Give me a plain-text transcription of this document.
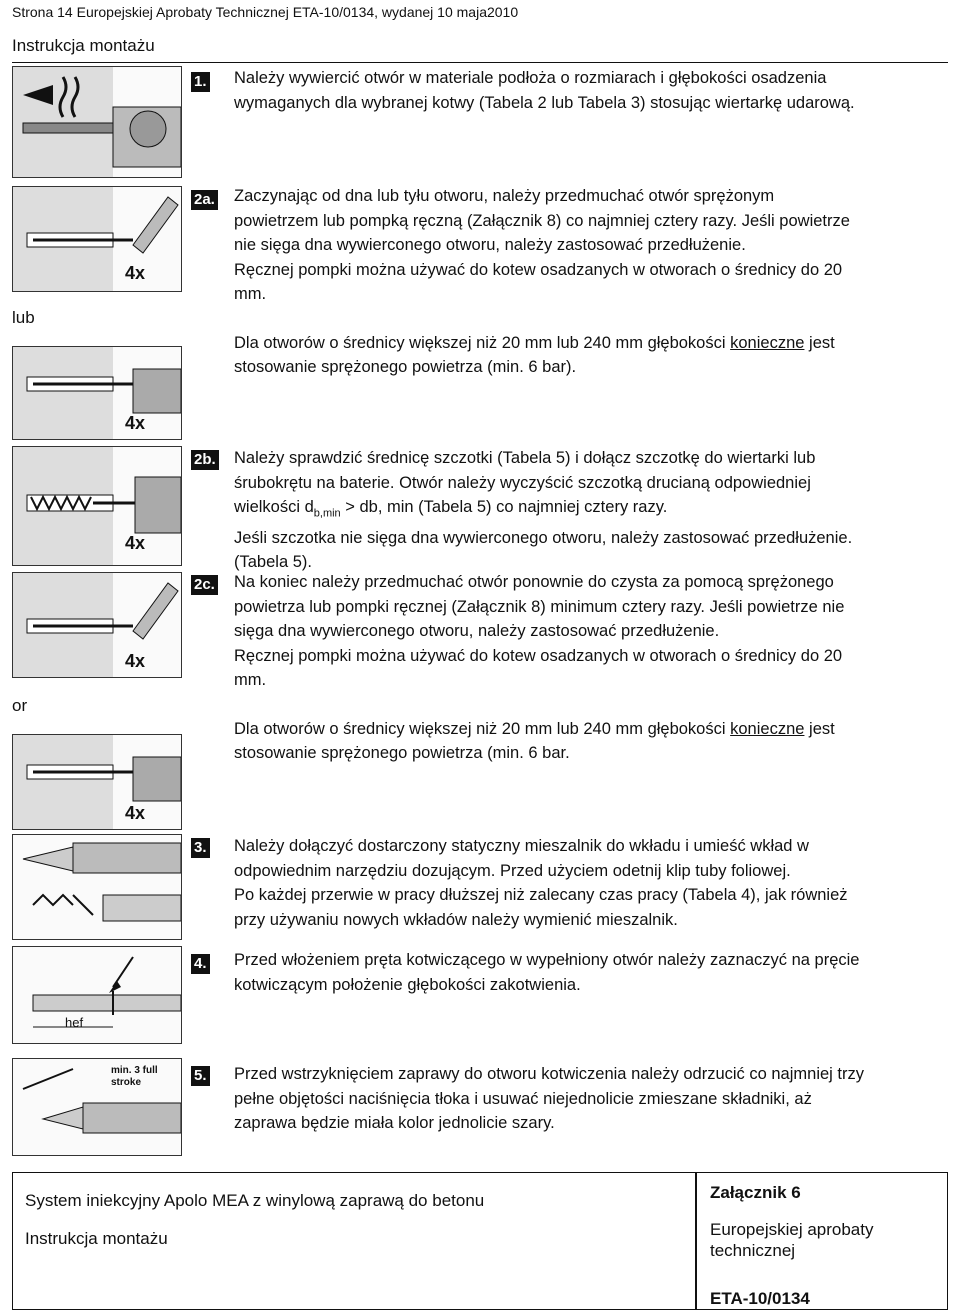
Strona 14 Europejskiej Aprobaty Technicznej ETA-10/0134, wydanej 10 maja2010
Instrukcja montażu
4x
4x
lub
1. Należy wywiercić otwór w materiale podłoża o rozmiarach i głębokości osadzenia

wymaganych dla wybranej kotwy (Tabela 2 lub Tabela 3) stosując wiertarkę udarową.

2a. Zaczynając od dna lub tyłu otworu, należy przedmuchać otwór sprężonym

powietrzem lub pompką ręczną (Załącznik 8) co najmniej cztery razy. Jeśli powietrze

nie sięga dna wywierconego otworu, należy zastosować przedłużenie.

Ręcznej pompki można używać do kotew osadzanych w otworach o średnicy do 20

mm.

Dla otworów o średnicy większej niż 20 mm lub 240 mm głębokości konieczne jest

stosowanie sprężonego powietrza (min. 6 bar).

4x
4x
4x
or
2b. Należy sprawdzić średnicę szczotki (Tabela 5) i dołącz szczotkę do wiertarki lub

śrubokrętu na baterie. Otwór należy wyczyścić szczotką drucianą odpowiedniej

wielkości $d_{b,min}$ > db, min (Tabela 5) co najmniej cztery razy.

Jeśli szczotka nie sięga dna wywierconego otworu, należy zastosować przedłużenie.

(Tabela 5).

2c. Na koniec należy przedmuchać otwór ponownie do czysta za pomocą sprężonego

powietrza lub pompki ręcznej (Załącznik 8) minimum cztery razy. Jeśli powietrze nie

sięga dna wywierconego otworu, należy zastosować przedłużenie.

Ręcznej pompki można używać do kotew osadzanych w otworach o średnicy do 20

mm.

Dla otworów o średnicy większej niż 20 mm lub 240 mm głębokości konieczne jest

stosowanie sprężonego powietrza (min. 6 bar.

3. Należy dołączyć dostarczony statyczny mieszalnik do wkładu i umieść wkład w

odpowiednim narzędziu dozującym. Przed użyciem odetnij klip tuby foliowej.

Po każdej przerwie w pracy dłuższej niż zalecany czas pracy (Tabela 4), jak również

przy używaniu nowych wkładów należy wymienić mieszalnik.

hef
4. Przed włożeniem pręta kotwiczącego w wypełniony otwór należy zaznaczyć na pręcie

kotwiczącym położenie głębokości zakotwienia.

min. 3 full stroke	5. Przed wstrzyknięciem zaprawy do otworu kotwiczenia należy odrzucić co najmniej trzy

pełne objętości naciśnięcia tłoka i usuwać niejednolicie zmieszane składniki, aż

zaprawa będzie miała kolor jednolicie szary.

System iniekcyjny Apolo MEA z winylową zaprawą do betonu
Instrukcja montażu
Załącznik 6
Europejskiej aprobaty technicznej
ETA-10/0134
